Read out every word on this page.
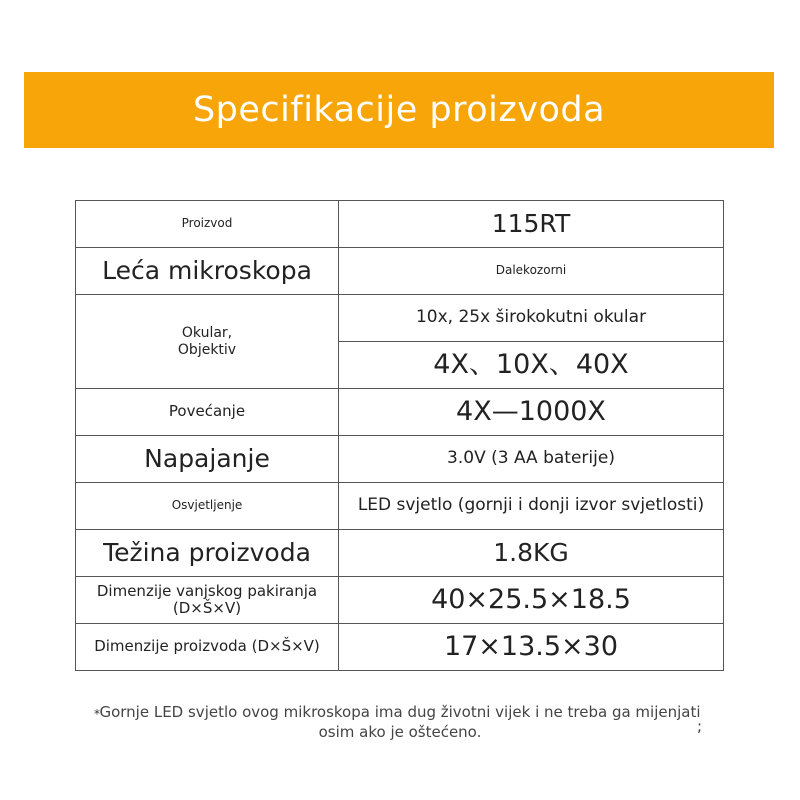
Specifikacije proizvoda
Proizvod	115RT
Leća mikroskopa	Dalekozorni
Okular,
Objektiv	10x, 25x širokokutni okular
	4X、10X、40X
Povećanje	4X—1000X
Napajanje	3.0V (3 AA baterije)
Osvjetljenje	LED svjetlo (gornji i donji izvor svjetlosti)
Težina proizvoda	1.8KG
Dimenzije vanjskog pakiranja (D×Š×V)	40×25.5×18.5
Dimenzije proizvoda (D×Š×V)	17×13.5×30
* Gornje LED svjetlo ovog mikroskopa ima dug životni vijek i ne treba ga mijenjati osim ako je oštećeno.	;
